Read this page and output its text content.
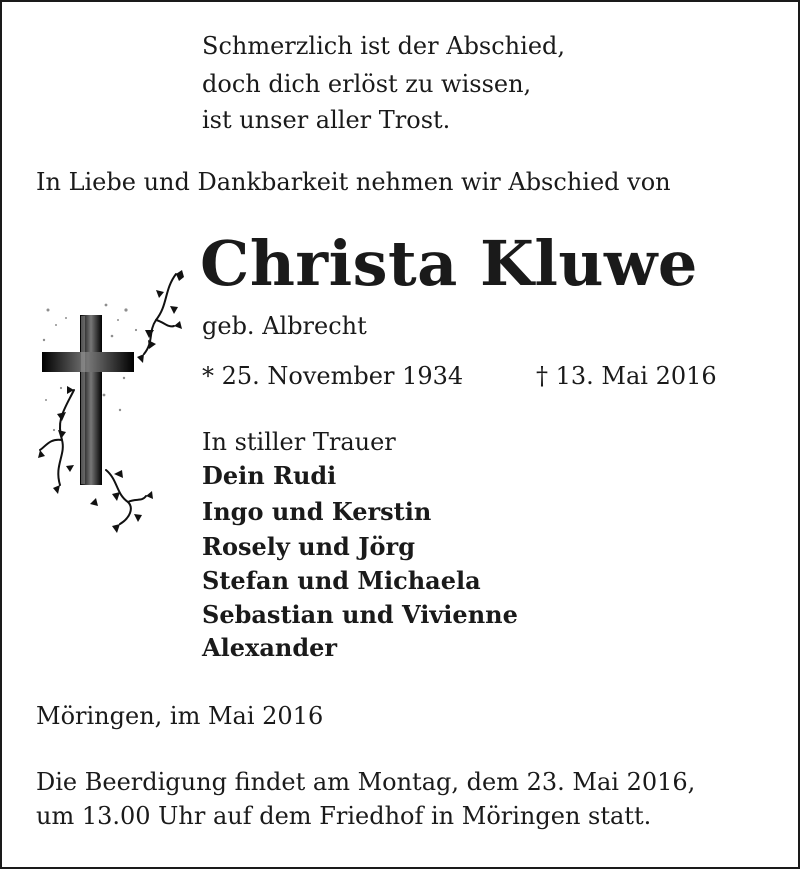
Schmerzlich ist der Abschied,
doch dich erlöst zu wissen,
ist unser aller Trost.
In Liebe und Dankbarkeit nehmen wir Abschied von
Christa Kluwe
geb. Albrecht
* 25. November 1934	† 13. Mai 2016
In stiller Trauer
Dein Rudi
Ingo und Kerstin
Rosely und Jörg
Stefan und Michaela
Sebastian und Vivienne
Alexander
Möringen, im Mai 2016
Die Beerdigung findet am Montag, dem 23. Mai 2016,
um 13.00 Uhr auf dem Friedhof in Möringen statt.
